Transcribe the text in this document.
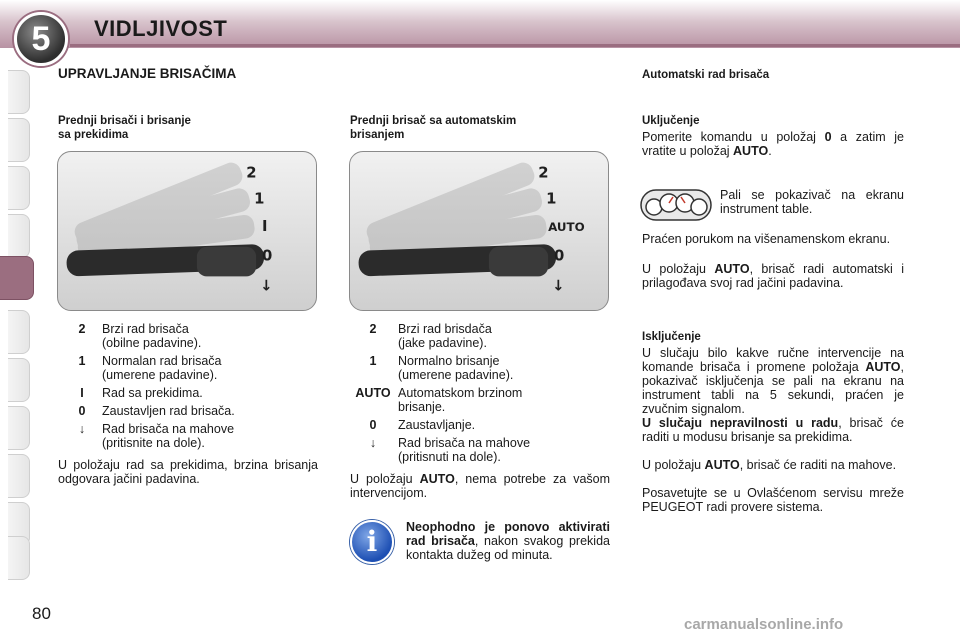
5	VIDLJIVOST
UPRAVLJANJE BRISAČIMA
Prednji brisači i brisanje
sa prekidima
2
1
I
0
↓
2	Brzi rad brisača
(obilne padavine).
1	Normalan rad brisača
(umerene padavine).
I	Rad sa prekidima.
0	Zaustavljen rad brisača.
↓	Rad brisača na mahove
(pritisnite na dole).
U položaju rad sa prekidima, brzina brisanja odgovara jačini padavina.
Prednji brisač sa automatskim
brisanjem
2
1
AUTO
0
↓
2	Brzi rad brisdača
(jake padavine).
1	Normalno brisanje
(umerene padavine).
AUTO Automatskom brzinom
brisanje.
0	Zaustavljanje.
↓	Rad brisača na mahove
(pritisnuti na dole).
U položaju AUTO, nema potrebe za vašom intervencijom.
i	Neophodno je ponovo aktivirati rad brisača, nakon svakog prekida kontakta dužeg od minuta.
Automatski rad brisača
Uključenje
Pomerite komandu u položaj 0 a zatim je vratite u položaj AUTO.
Pali se pokazivač na ekranu instrument table.
Praćen porukom na višenamenskom ekranu.
U položaju AUTO, brisač radi automatski i prilagođava svoj rad jačini padavina.
Isključenje
U slučaju bilo kakve ručne intervencije na komande brisača i promene položaja AUTO, pokazivač isključenja se pali na ekranu na instrument tabli na 5 sekundi, praćen je zvučnim signalom.
U slučaju nepravilnosti u radu, brisač će raditi u modusu brisanje sa prekidima.
U položaju AUTO, brisač će raditi na mahove.
Posavetujte se u Ovlašćenom servisu mreže PEUGEOT radi provere sistema.
80
carmanualsonline.info
